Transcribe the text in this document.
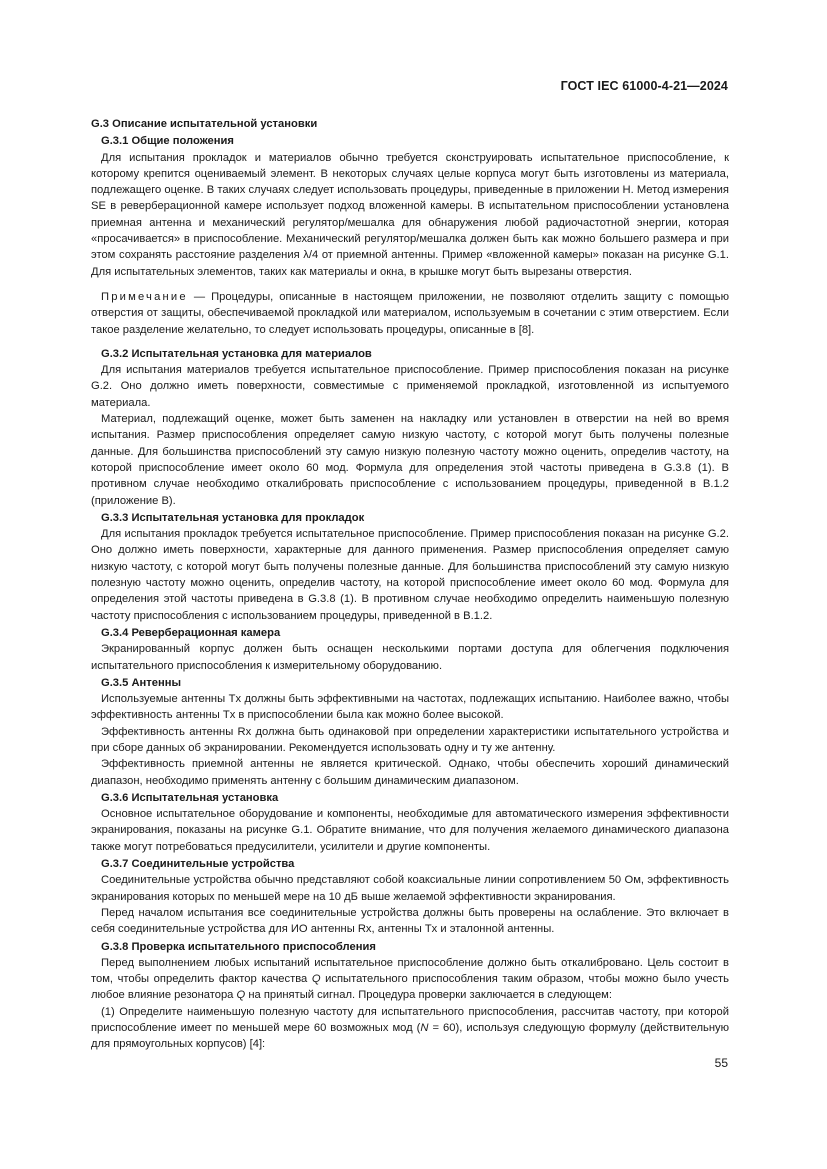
ГОСТ IEC 61000-4-21—2024
G.3 Описание испытательной установки
G.3.1 Общие положения

Для испытания прокладок и материалов обычно требуется сконструировать испытательное приспособление, к которому крепится оцениваемый элемент. В некоторых случаях целые корпуса могут быть изготовлены из материала, подлежащего оценке. В таких случаях следует использовать процедуры, приведенные в приложении H. Метод измерения SE в реверберационной камере использует подход вложенной камеры. В испытательном приспособлении установлена приемная антенна и механический регулятор/мешалка для обнаружения любой радиочастотной энергии, которая «просачивается» в приспособление. Механический регулятор/мешалка должен быть как можно большего размера и при этом сохранять расстояние разделения λ/4 от приемной антенны. Пример «вложенной камеры» показан на рисунке G.1. Для испытательных элементов, таких как материалы и окна, в крышке могут быть вырезаны отверстия.

Примечание — Процедуры, описанные в настоящем приложении, не позволяют отделить защиту с помощью отверстия от защиты, обеспечиваемой прокладкой или материалом, используемым в сочетании с этим отверстием. Если такое разделение желательно, то следует использовать процедуры, описанные в [8].

G.3.2 Испытательная установка для материалов

Для испытания материалов требуется испытательное приспособление. Пример приспособления показан на рисунке G.2. Оно должно иметь поверхности, совместимые с применяемой прокладкой, изготовленной из испытуемого материала.

Материал, подлежащий оценке, может быть заменен на накладку или установлен в отверстии на ней во время испытания. Размер приспособления определяет самую низкую частоту, с которой могут быть получены полезные данные. Для большинства приспособлений эту самую низкую полезную частоту можно оценить, определив частоту, на которой приспособление имеет около 60 мод. Формула для определения этой частоты приведена в G.3.8 (1). В противном случае необходимо откалибровать приспособление с использованием процедуры, приведенной в B.1.2 (приложение B).

G.3.3 Испытательная установка для прокладок

Для испытания прокладок требуется испытательное приспособление. Пример приспособления показан на рисунке G.2. Оно должно иметь поверхности, характерные для данного применения. Размер приспособления определяет самую низкую частоту, с которой могут быть получены полезные данные. Для большинства приспособлений эту самую низкую полезную частоту можно оценить, определив частоту, на которой приспособление имеет около 60 мод. Формула для определения этой частоты приведена в G.3.8 (1). В противном случае необходимо определить наименьшую полезную частоту приспособления с использованием процедуры, приведенной в B.1.2.

G.3.4 Реверберационная камера

Экранированный корпус должен быть оснащен несколькими портами доступа для облегчения подключения испытательного приспособления к измерительному оборудованию.

G.3.5 Антенны

Используемые антенны Tx должны быть эффективными на частотах, подлежащих испытанию. Наиболее важно, чтобы эффективность антенны Tx в приспособлении была как можно более высокой.

Эффективность антенны Rx должна быть одинаковой при определении характеристики испытательного устройства и при сборе данных об экранировании. Рекомендуется использовать одну и ту же антенну.

Эффективность приемной антенны не является критической. Однако, чтобы обеспечить хороший динамический диапазон, необходимо применять антенну с большим динамическим диапазоном.

G.3.6 Испытательная установка

Основное испытательное оборудование и компоненты, необходимые для автоматического измерения эффективности экранирования, показаны на рисунке G.1. Обратите внимание, что для получения желаемого динамического диапазона также могут потребоваться предусилители, усилители и другие компоненты.

G.3.7 Соединительные устройства

Соединительные устройства обычно представляют собой коаксиальные линии сопротивлением 50 Ом, эффективность экранирования которых по меньшей мере на 10 дБ выше желаемой эффективности экранирования.

Перед началом испытания все соединительные устройства должны быть проверены на ослабление. Это включает в себя соединительные устройства для ИО антенны Rx, антенны Tx и эталонной антенны.

G.3.8 Проверка испытательного приспособления

Перед выполнением любых испытаний испытательное приспособление должно быть откалибровано. Цель состоит в том, чтобы определить фактор качества Q испытательного приспособления таким образом, чтобы можно было учесть любое влияние резонатора Q на принятый сигнал. Процедура проверки заключается в следующем:

(1) Определите наименьшую полезную частоту для испытательного приспособления, рассчитав частоту, при которой приспособление имеет по меньшей мере 60 возможных мод (N = 60), используя следующую формулу (действительную для прямоугольных корпусов) [4]:

55
